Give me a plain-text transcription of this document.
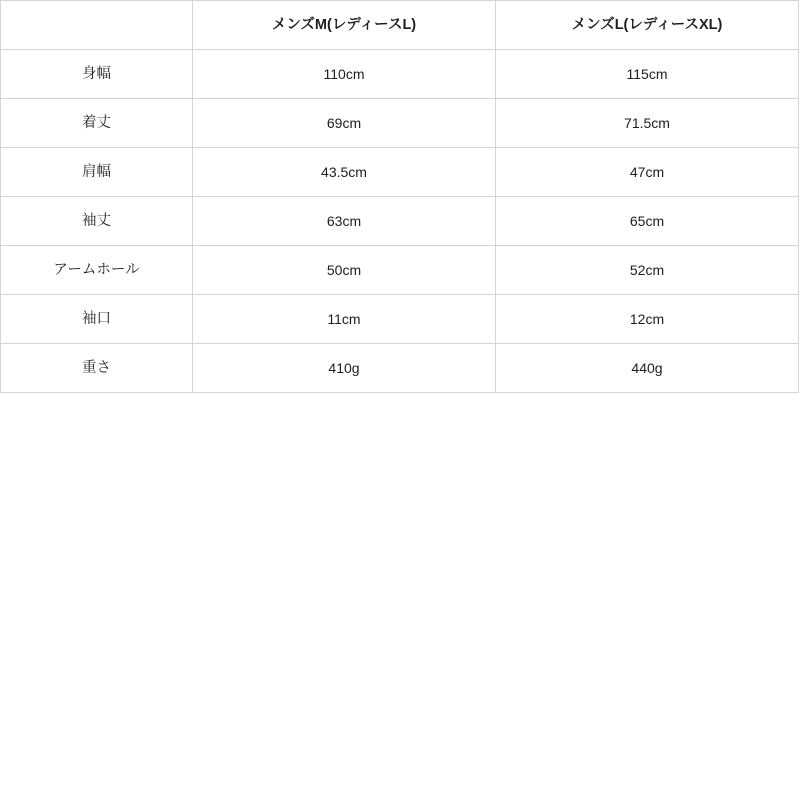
	メンズM(レディースL)	メンズL(レディースXL)
身幅	110cm	115cm
着丈	69cm	71.5cm
肩幅	43.5cm	47cm
袖丈	63cm	65cm
アームホール	50cm	52cm
袖口	11cm	12cm
重さ	410g	440g
